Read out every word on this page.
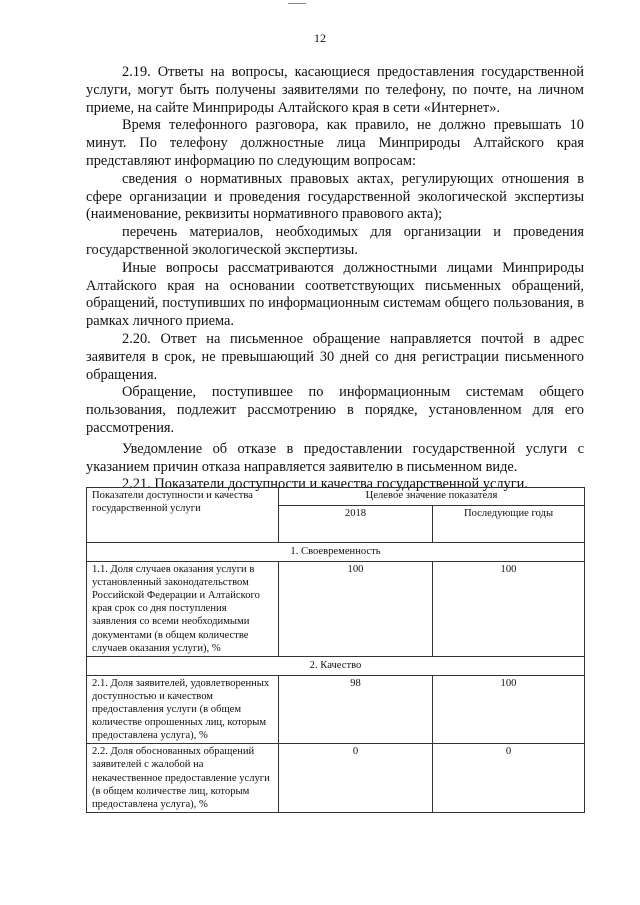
12

2.19. Ответы на вопросы, касающиеся предоставления государственной услуги, могут быть получены заявителями по телефону, по почте, на личном приеме, на сайте Минприроды Алтайского края в сети «Интернет».

Время телефонного разговора, как правило, не должно превышать 10 минут. По телефону должностные лица Минприроды Алтайского края представляют информацию по следующим вопросам:

сведения о нормативных правовых актах, регулирующих отношения в сфере организации и проведения государственной экологической экспертизы (наименование, реквизиты нормативного правового акта);

перечень материалов, необходимых для организации и проведения государственной экологической экспертизы.

Иные вопросы рассматриваются должностными лицами Минприроды Алтайского края на основании соответствующих письменных обращений, обращений, поступивших по информационным системам общего пользования, в рамках личного приема.

2.20. Ответ на письменное обращение направляется почтой в адрес заявителя в срок, не превышающий 30 дней со дня регистрации письменного обращения.

Обращение, поступившее по информационным системам общего пользования, подлежит рассмотрению в порядке, установленном для его рассмотрения.

Уведомление об отказе в предоставлении государственной услуги с указанием причин отказа направляется заявителю в письменном виде.

2.21. Показатели доступности и качества государственной услуги.

Показатели доступности и качества государственной услуги	Целевое значение показателя	
	2018	Последующие годы
1. Своевременность		
1.1. Доля случаев оказания услуги в установленный законодательством Российской Федерации и Алтайского края срок со дня поступления заявления со всеми необходимыми документами (в общем количестве случаев оказания услуги), %	100	100
2. Качество		
2.1. Доля заявителей, удовлетворенных доступностью и качеством предоставления услуги (в общем количестве опрошенных лиц, которым предоставлена услуга), %	98	100
2.2. Доля обоснованных обращений заявителей с жалобой на некачественное предоставление услуги (в общем количестве лиц, которым предоставлена услуга), %	0	0
